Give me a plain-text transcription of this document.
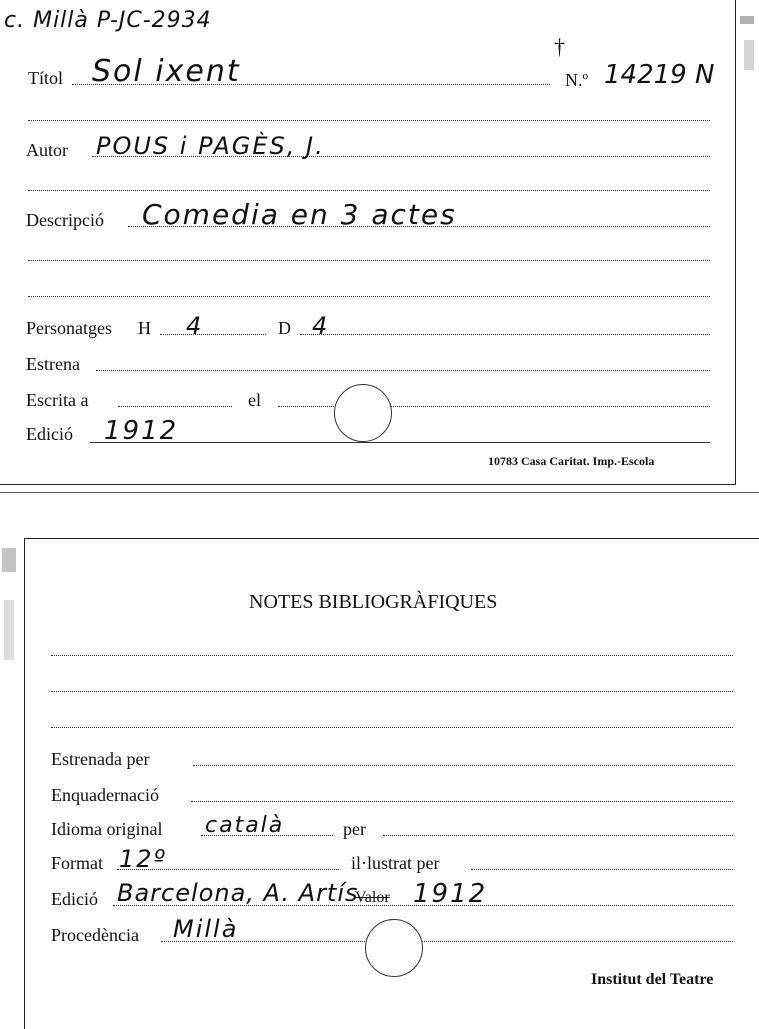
c. Millà P-JC-2934
Títol Sol ixent
†
N.º 14219 N
Autor POUS i PAGÈS, J.
Descripció Comedia en 3 actes
Personatges H 4	D 4
Estrena
Escrita a	el
Edició 1912
10783 Casa Caritat. Imp.-Escola
NOTES BIBLIOGRÀFIQUES
Estrenada per
Enquadernació
Idioma original català	per
Format 12º	il·lustrat per
Edició Barcelona, A. Artís
Valor 1912
Procedència Millà
Institut del Teatre
